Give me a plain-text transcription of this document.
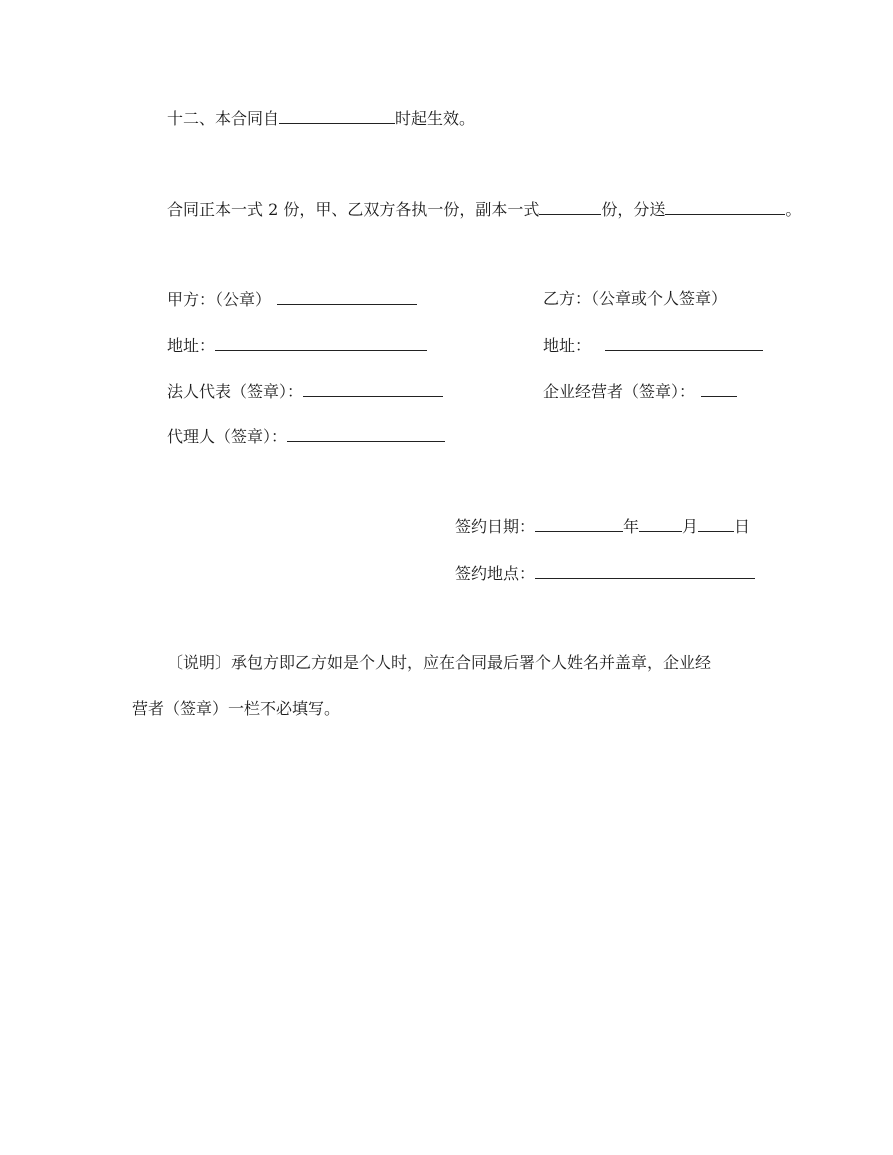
十二、本合同自	时起生效。
合同正本一式 2 份，甲、乙双方各执一份，副本一式	份，分送	。
甲方：（公章）	乙方：（公章或个人签章）
地址：	地址：
法人代表（签章）：	企业经营者（签章）：
代理人（签章）：
签约日期：	年	月 日
签约地点：
〔说明〕承包方即乙方如是个人时，应在合同最后署个人姓名并盖章，企业经
营者（签章）一栏不必填写。
